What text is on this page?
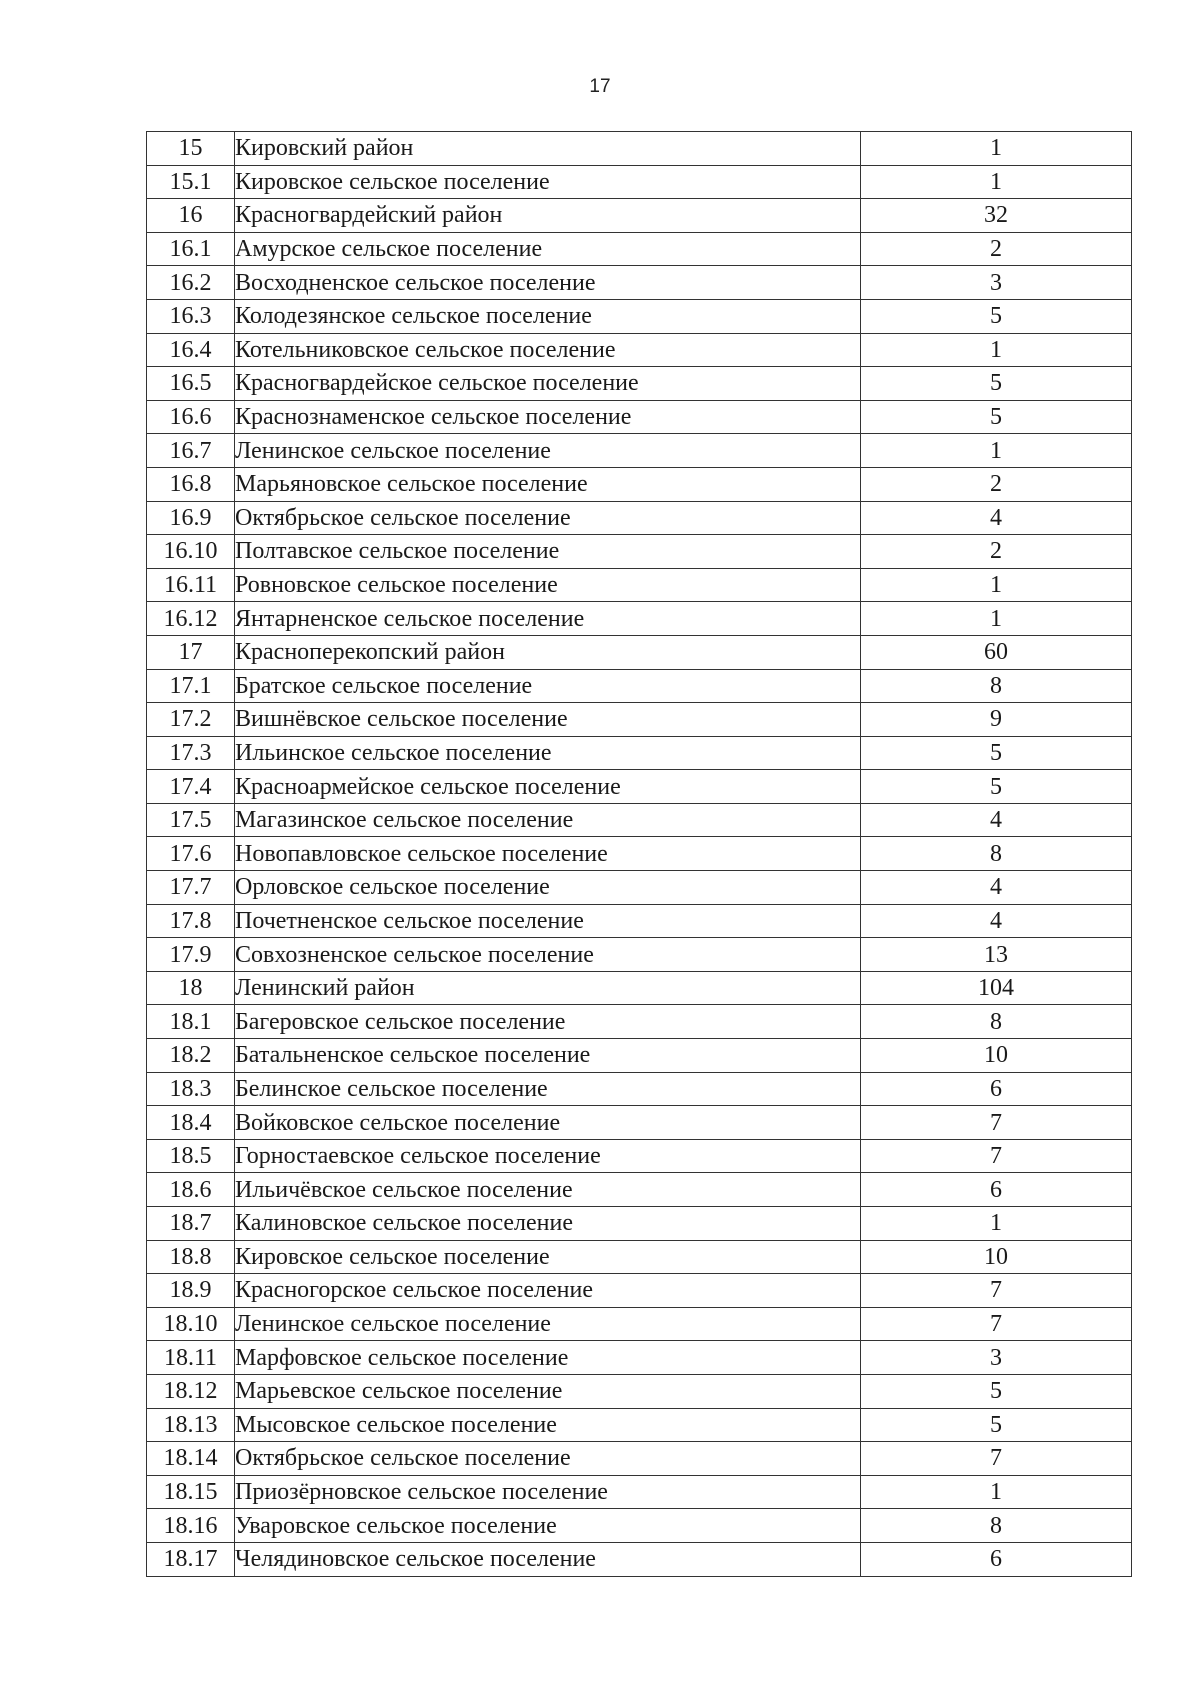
17
15	Кировский район	1
15.1	Кировское сельское поселение	1
16	Красногвардейский район	32
16.1	Амурское сельское поселение	2
16.2	Восходненское сельское поселение	3
16.3	Колодезянское сельское поселение	5
16.4	Котельниковское сельское поселение	1
16.5	Красногвардейское сельское поселение	5
16.6	Краснознаменское сельское поселение	5
16.7	Ленинское сельское поселение	1
16.8	Марьяновское сельское поселение	2
16.9	Октябрьское сельское поселение	4
16.10	Полтавское сельское поселение	2
16.11	Ровновское сельское поселение	1
16.12	Янтарненское сельское поселение	1
17	Красноперекопский район	60
17.1	Братское сельское поселение	8
17.2	Вишнёвское сельское поселение	9
17.3	Ильинское сельское поселение	5
17.4	Красноармейское сельское поселение	5
17.5	Магазинское сельское поселение	4
17.6	Новопавловское сельское поселение	8
17.7	Орловское сельское поселение	4
17.8	Почетненское сельское поселение	4
17.9	Совхозненское сельское поселение	13
18	Ленинский район	104
18.1	Багеровское сельское поселение	8
18.2	Батальненское сельское поселение	10
18.3	Белинское сельское поселение	6
18.4	Войковское сельское поселение	7
18.5	Горностаевское сельское поселение	7
18.6	Ильичёвское сельское поселение	6
18.7	Калиновское сельское поселение	1
18.8	Кировское сельское поселение	10
18.9	Красногорское сельское поселение	7
18.10	Ленинское сельское поселение	7
18.11	Марфовское сельское поселение	3
18.12	Марьевское сельское поселение	5
18.13	Мысовское сельское поселение	5
18.14	Октябрьское сельское поселение	7
18.15	Приозёрновское сельское поселение	1
18.16	Уваровское сельское поселение	8
18.17	Челядиновское сельское поселение	6
